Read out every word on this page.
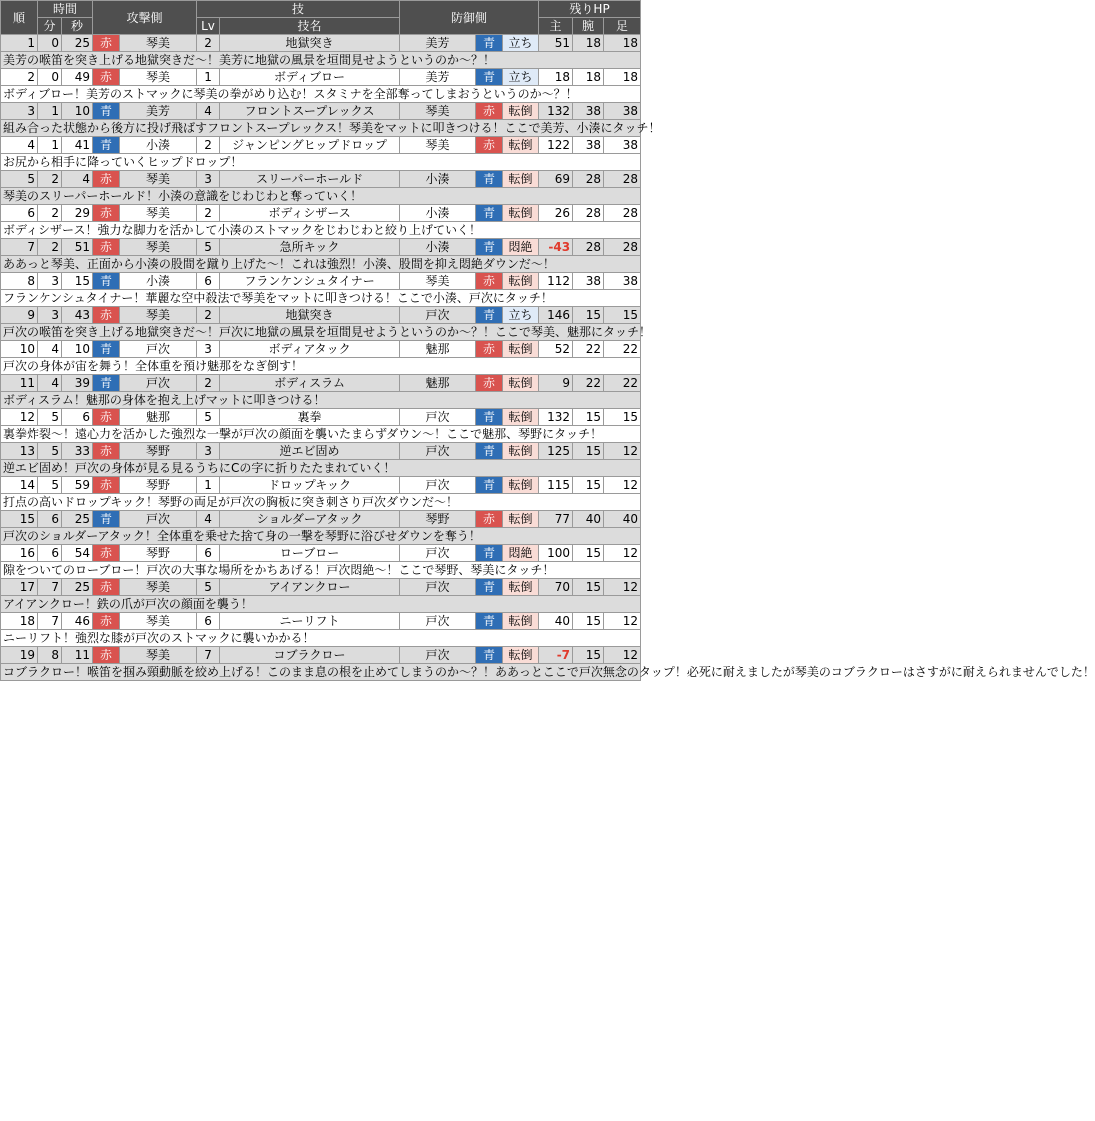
順	時間		攻撃側		技		防御側			残りHP		
	分	秒			Lv	技名				主	腕	足
1	0	25	赤	琴美	2	地獄突き	美芳	青	立ち	51	18	18
美芳の喉笛を突き上げる地獄突きだ～！美芳に地獄の風景を垣間見せようというのか～？！												
2	0	49	赤	琴美	1	ボディブロー	美芳	青	立ち	18	18	18
ボディブロー！美芳のストマックに琴美の拳がめり込む！スタミナを全部奪ってしまおうというのか～？！												
3	1	10	青	美芳	4	フロントスープレックス	琴美	赤	転倒	132	38	38
組み合った状態から後方に投げ飛ばすフロントスープレックス！琴美をマットに叩きつける！ここで美芳、小湊にタッチ！												
4	1	41	青	小湊	2	ジャンピングヒップドロップ	琴美	赤	転倒	122	38	38
お尻から相手に降っていくヒップドロップ！												
5	2	4	赤	琴美	3	スリーパーホールド	小湊	青	転倒	69	28	28
琴美のスリーパーホールド！小湊の意識をじわじわと奪っていく！												
6	2	29	赤	琴美	2	ボディシザース	小湊	青	転倒	26	28	28
ボディシザース！強力な脚力を活かして小湊のストマックをじわじわと絞り上げていく！												
7	2	51	赤	琴美	5	急所キック	小湊	青	悶絶	-43	28	28
ああっと琴美、正面から小湊の股間を蹴り上げた～！これは強烈！小湊、股間を抑え悶絶ダウンだ～！												
8	3	15	青	小湊	6	フランケンシュタイナー	琴美	赤	転倒	112	38	38
フランケンシュタイナー！華麗な空中殺法で琴美をマットに叩きつける！ここで小湊、戸次にタッチ！												
9	3	43	赤	琴美	2	地獄突き	戸次	青	立ち	146	15	15
戸次の喉笛を突き上げる地獄突きだ～！戸次に地獄の風景を垣間見せようというのか～？！ここで琴美、魅那にタッチ！												
10	4	10	青	戸次	3	ボディアタック	魅那	赤	転倒	52	22	22
戸次の身体が宙を舞う！全体重を預け魅那をなぎ倒す！												
11	4	39	青	戸次	2	ボディスラム	魅那	赤	転倒	9	22	22
ボディスラム！魅那の身体を抱え上げマットに叩きつける！												
12	5	6	赤	魅那	5	裏拳	戸次	青	転倒	132	15	15
裏拳炸裂～！遠心力を活かした強烈な一撃が戸次の顔面を襲いたまらずダウン～！ここで魅那、琴野にタッチ！												
13	5	33	赤	琴野	3	逆エビ固め	戸次	青	転倒	125	15	12
逆エビ固め！戸次の身体が見る見るうちにCの字に折りたたまれていく！												
14	5	59	赤	琴野	1	ドロップキック	戸次	青	転倒	115	15	12
打点の高いドロップキック！琴野の両足が戸次の胸板に突き刺さり戸次ダウンだ～！												
15	6	25	青	戸次	4	ショルダーアタック	琴野	赤	転倒	77	40	40
戸次のショルダーアタック！全体重を乗せた捨て身の一撃を琴野に浴びせダウンを奪う！												
16	6	54	赤	琴野	6	ローブロー	戸次	青	悶絶	100	15	12
隙をついてのローブロー！戸次の大事な場所をかちあげる！戸次悶絶～！ここで琴野、琴美にタッチ！												
17	7	25	赤	琴美	5	アイアンクロー	戸次	青	転倒	70	15	12
アイアンクロー！鉄の爪が戸次の顔面を襲う！												
18	7	46	赤	琴美	6	ニーリフト	戸次	青	転倒	40	15	12
ニーリフト！強烈な膝が戸次のストマックに襲いかかる！												
19	8	11	赤	琴美	7	コブラクロー	戸次	青	転倒	-7	15	12
コブラクロー！喉笛を掴み頸動脈を絞め上げる！このまま息の根を止めてしまうのか～？！ああっとここで戸次無念のタップ！必死に耐えましたが琴美のコブラクローはさすがに耐えられませんでした！												
